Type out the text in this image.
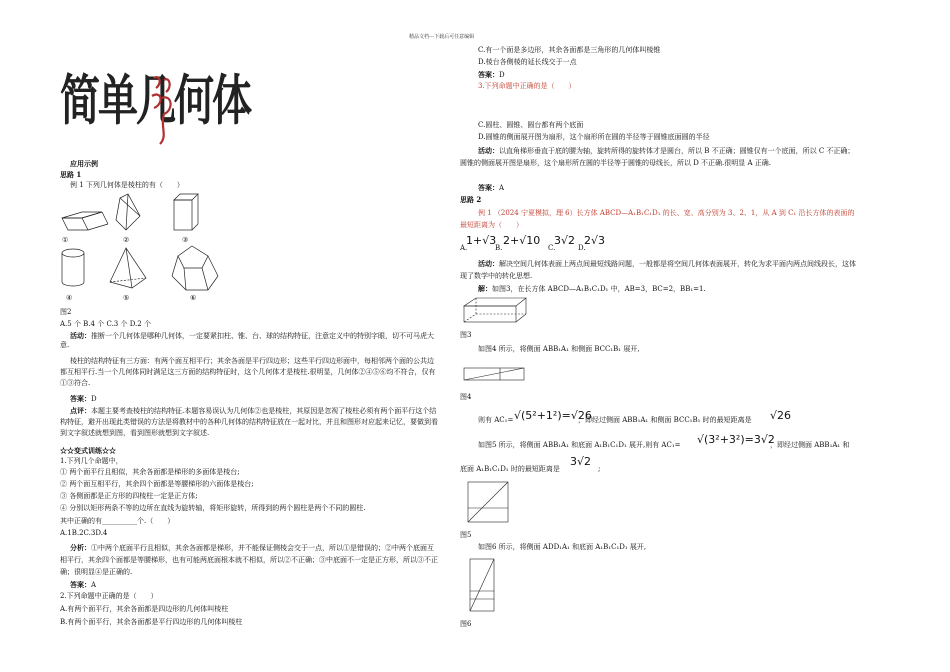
精品文档---下载后可任意编辑
简单几何体
应用示例
思路 1
例 1 下列几何体是棱柱的有（　　）
①	②	③
④	⑤	⑥
图2
A.5 个 B.4 个 C.3 个 D.2 个
活动：推断一个几何体是哪种几何体，一定要紧扣柱、锥、台、球的结构特征，注意定义中的特别字眼，切不可马虎大意.
棱柱的结构特征有三方面：有两个面互相平行；其余各面是平行四边形；这些平行四边形面中，每相邻两个面的公共边都互相平行.当一个几何体同时满足这三方面的结构特征时，这个几何体才是棱柱.很明显，几何体②④⑤⑥均不符合，仅有①③符合.
答案：D
点评：本题主要考查棱柱的结构特征.本题容易误认为几何体②也是棱柱，其原因是忽视了棱柱必须有两个面平行这个结构特征，避开出现此类错误的方法是将教材中的各种几何体的结构特征放在一起对比，并且和图形对应起来记忆，要做到看到文字叙述就想到图，看到图形就想到文字叙述.
☆☆变式训练☆☆
1.下列几个命题中，
① 两个面平行且相似，其余各面都是梯形的多面体是棱台;
② 两个面互相平行，其余四个面都是等腰梯形的六面体是棱台;
③ 各侧面都是正方形的四棱柱一定是正方体;
④ 分别以矩形两条不等的边所在直线为旋转轴，将矩形旋转，所得到的两个圆柱是两个不同的圆柱.
其中正确的有__________个.（　　）
A.1B.2C.3D.4
分析：①中两个底面平行且相似，其余各面都是梯形，并不能保证侧棱会交于一点，所以①是错误的；②中两个底面互相平行，其余四个面都是等腰梯形，也有可能两底面根本就不相似，所以②不正确；③中底面不一定是正方形，所以③不正确；很明显④是正确的.
答案：A
2.下列命题中正确的是（　　）
A.有两个面平行，其余各面都是四边形的几何体叫棱柱
B.有两个面平行，其余各面都是平行四边形的几何体叫棱柱
C.有一个面是多边形，其余各面都是三角形的几何体叫棱锥
D.棱台各侧棱的延长线交于一点
答案：D
3.下列命题中正确的是（　　）
C.圆柱、圆锥、圆台都有两个底面
D.圆锥的侧面展开图为扇形，这个扇形所在圆的半径等于圆锥底面圆的半径
活动：以直角梯形垂直于底的腰为轴，旋转所得的旋转体才是圆台，所以 B 不正确；圆锥仅有一个底面，所以 C 不正确；圆锥的侧面展开图是扇形，这个扇形所在圆的半径等于圆锥的母线长，所以 D 不正确.很明显 A 正确.
答案：A
思路 2
例 1 （2024 宁夏模拟，理 6）长方体 ABCD—A₁B₁C₁D₁ 的长、宽、高分别为 3、2、1，从 A 到 C₁ 沿长方体的表面的最短距离为（　　）
1+√3
A.	B.
2+√10
C.
3√2
D.
2√3
活动：解决空间几何体表面上两点间最短线路问题，一般都是将空间几何体表面展开，转化为求平面内两点间线段长，这体现了数学中的转化思想.
解：如图3，在长方体 ABCD—A₁B₁C₁D₁ 中，AB=3，BC=2，BB₁=1.
图3
如图4 所示，将侧面 ABB₁A₁ 和侧面 BCC₁B₁ 展开,
图4
则有 AC₁= √(5²+1²)=√26
，即经过侧面 ABB₁A₁ 和侧面 BCC₁B₁ 时的最短距离是 √26
如图5 所示，将侧面 ABB₁A₁ 和底面 A₁B₁C₁D₁ 展开,则有 AC₁= √(3²+3²)=3√2
，即经过侧面 ABB₁A₁ 和
底面 A₁B₁C₁D₁ 时的最短距离是
3√2
;
图5
如图6 所示，将侧面 ADD₁A₁ 和底面 A₁B₁C₁D₁ 展开,
图6
